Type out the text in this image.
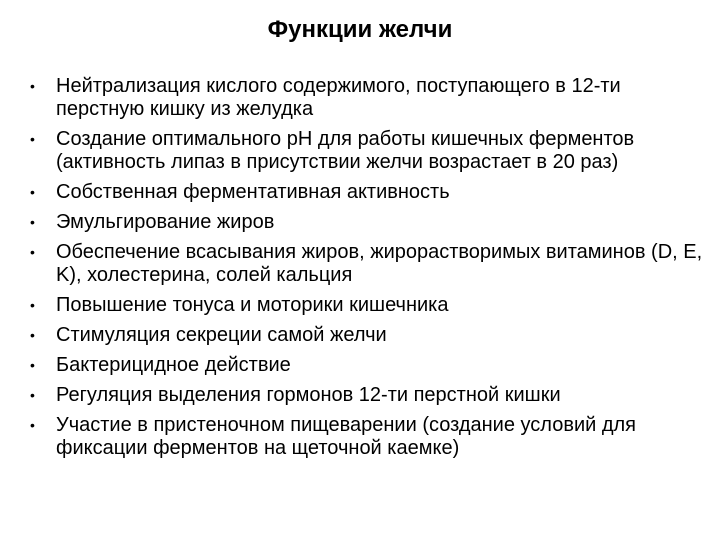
Функции желчи
• Нейтрализация кислого содержимого, поступающего в 12-ти перстную кишку из желудка
• Создание оптимального рН для работы кишечных ферментов (активность липаз в присутствии желчи возрастает в 20 раз)
• Собственная ферментативная активность
• Эмульгирование жиров
• Обеспечение всасывания жиров, жирорастворимых витаминов (D, E, K), холестерина, солей кальция
• Повышение тонуса и моторики кишечника
• Стимуляция секреции самой желчи
• Бактерицидное действие
• Регуляция выделения гормонов 12-ти перстной кишки
• Участие в пристеночном пищеварении (создание условий для фиксации ферментов на щеточной каемке)
